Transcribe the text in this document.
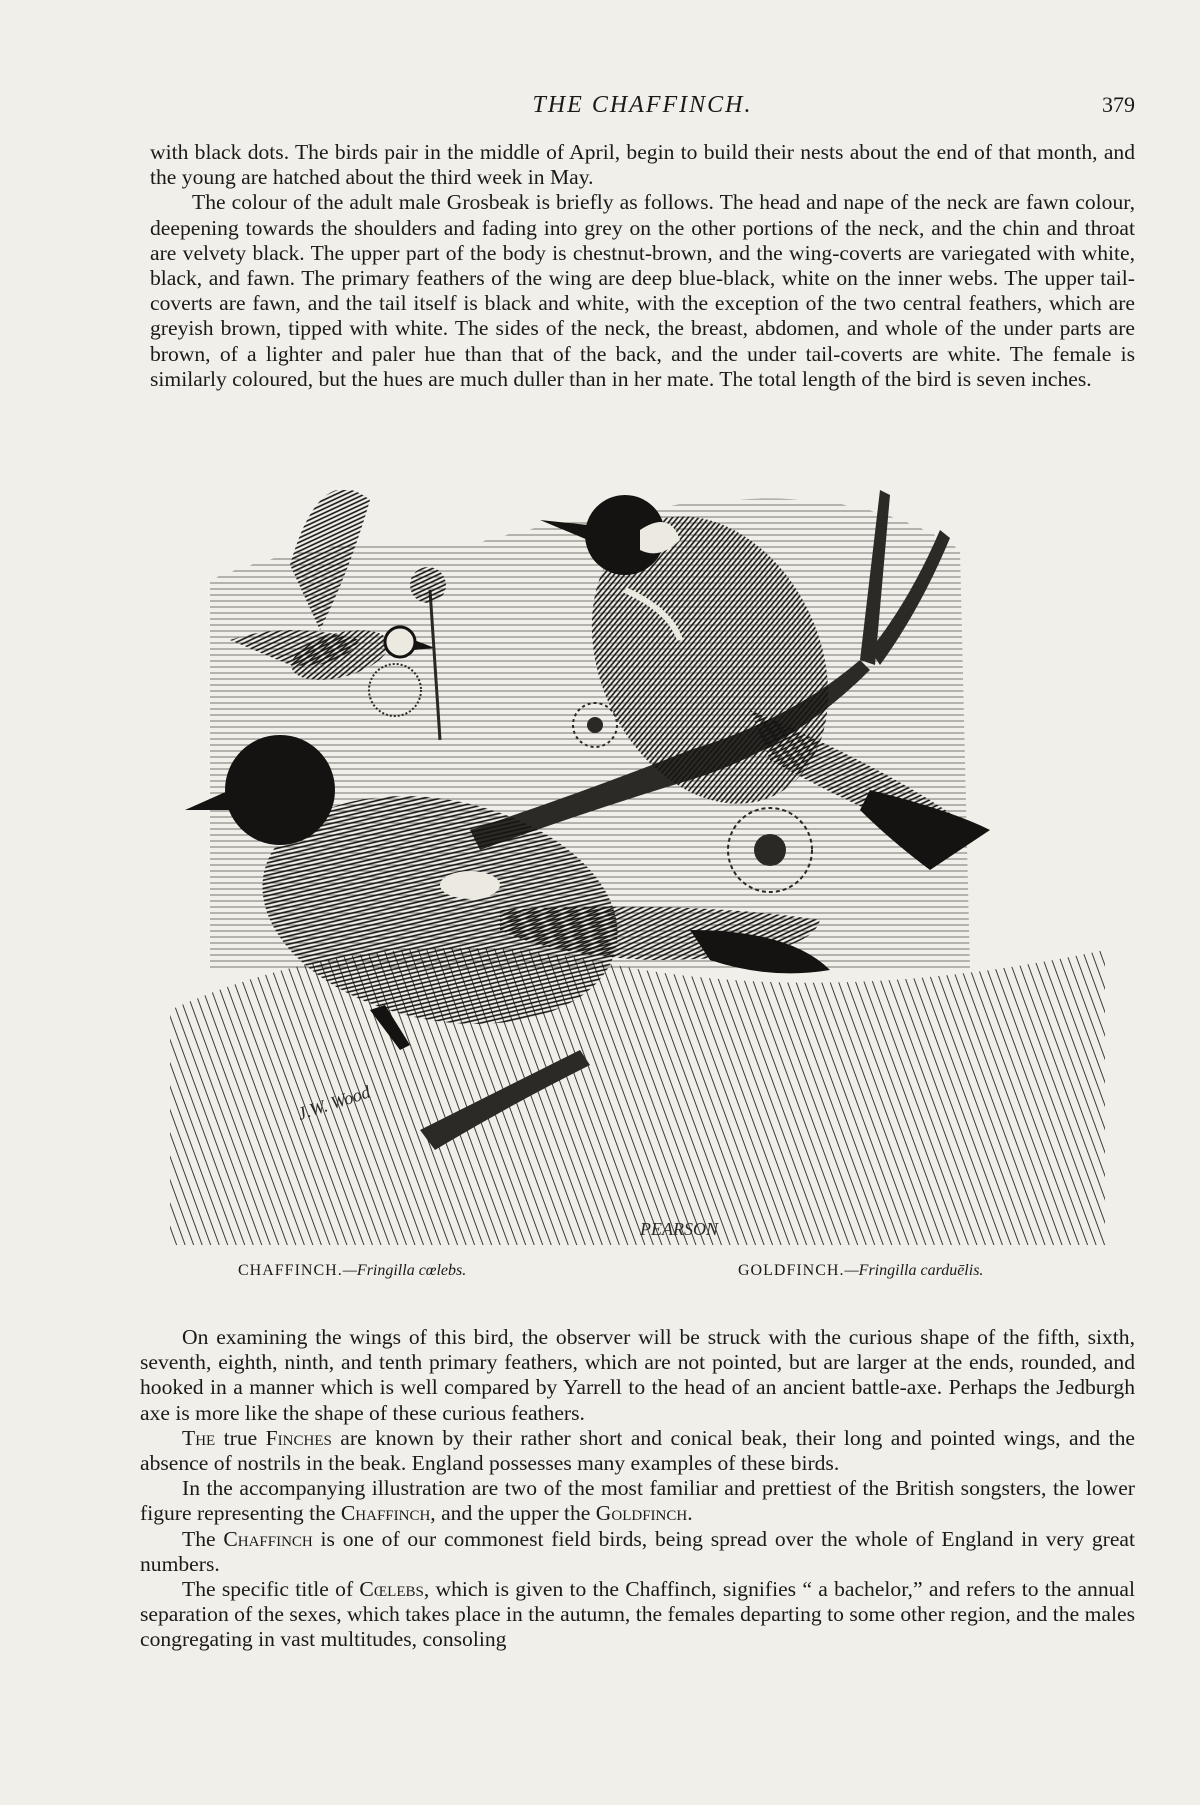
THE CHAFFINCH.	379

with black dots. The birds pair in the middle of April, begin to build their nests about the end of that month, and the young are hatched about the third week in May.

The colour of the adult male Grosbeak is briefly as follows. The head and nape of the neck are fawn colour, deepening towards the shoulders and fading into grey on the other portions of the neck, and the chin and throat are velvety black. The upper part of the body is chestnut-brown, and the wing-coverts are variegated with white, black, and fawn. The primary feathers of the wing are deep blue-black, white on the inner webs. The upper tail-coverts are fawn, and the tail itself is black and white, with the exception of the two central feathers, which are greyish brown, tipped with white. The sides of the neck, the breast, abdomen, and whole of the under parts are brown, of a lighter and paler hue than that of the back, and the under tail-coverts are white. The female is similarly coloured, but the hues are much duller than in her mate. The total length of the bird is seven inches.

J.W. Wood
PEARSON
CHAFFINCH.—Fringilla cœlebs.	GOLDFINCH.—Fringilla carduēlis.

On examining the wings of this bird, the observer will be struck with the curious shape of the fifth, sixth, seventh, eighth, ninth, and tenth primary feathers, which are not pointed, but are larger at the ends, rounded, and hooked in a manner which is well compared by Yarrell to the head of an ancient battle-axe. Perhaps the Jedburgh axe is more like the shape of these curious feathers.

The true Finches are known by their rather short and conical beak, their long and pointed wings, and the absence of nostrils in the beak. England possesses many examples of these birds.

In the accompanying illustration are two of the most familiar and prettiest of the British songsters, the lower figure representing the Chaffinch, and the upper the Goldfinch.

The Chaffinch is one of our commonest field birds, being spread over the whole of England in very great numbers.

The specific title of Cœlebs, which is given to the Chaffinch, signifies “ a bachelor,” and refers to the annual separation of the sexes, which takes place in the autumn, the females departing to some other region, and the males congregating in vast multitudes, consoling
